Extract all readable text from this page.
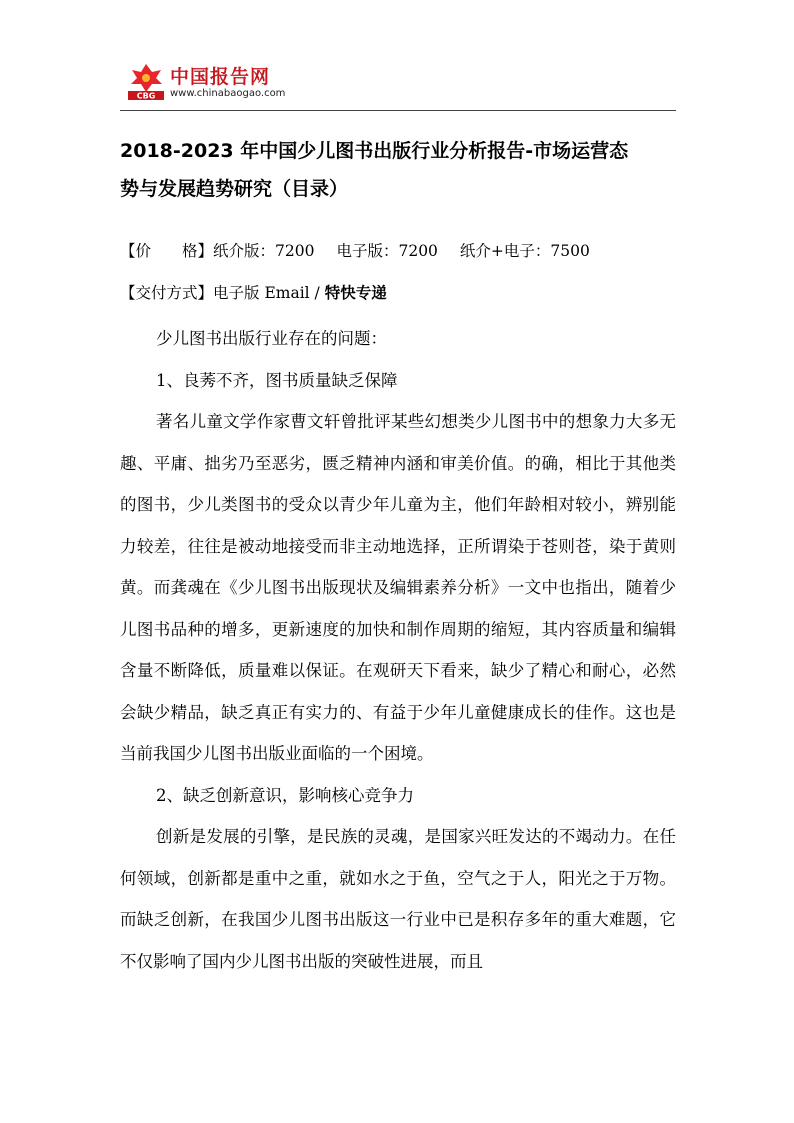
CBG
中国报告网
www.chinabaogao.com
2018-2023 年中国少儿图书出版行业分析报告-市场运营态
势与发展趋势研究（目录）
【价　　格】纸介版：7200 电子版：7200 纸介+电子：7500
【交付方式】电子版 Email / 特快专递

少儿图书出版行业存在的问题：

1、良莠不齐，图书质量缺乏保障

著名儿童文学作家曹文轩曾批评某些幻想类少儿图书中的想象力大多无趣、平庸、拙劣乃至恶劣，匮乏精神内涵和审美价值。的确，相比于其他类的图书，少儿类图书的受众以青少年儿童为主，他们年龄相对较小，辨别能力较差，往往是被动地接受而非主动地选择，正所谓染于苍则苍，染于黄则黄。而龚魂在《少儿图书出版现状及编辑素养分析》一文中也指出，随着少儿图书品种的增多，更新速度的加快和制作周期的缩短，其内容质量和编辑含量不断降低，质量难以保证。在观研天下看来，缺少了精心和耐心，必然会缺少精品，缺乏真正有实力的、有益于少年儿童健康成长的佳作。这也是当前我国少儿图书出版业面临的一个困境。

2、缺乏创新意识，影响核心竞争力

创新是发展的引擎，是民族的灵魂，是国家兴旺发达的不竭动力。在任何领域，创新都是重中之重，就如水之于鱼，空气之于人，阳光之于万物。而缺乏创新，在我国少儿图书出版这一行业中已是积存多年的重大难题，它不仅影响了国内少儿图书出版的突破性进展，而且
